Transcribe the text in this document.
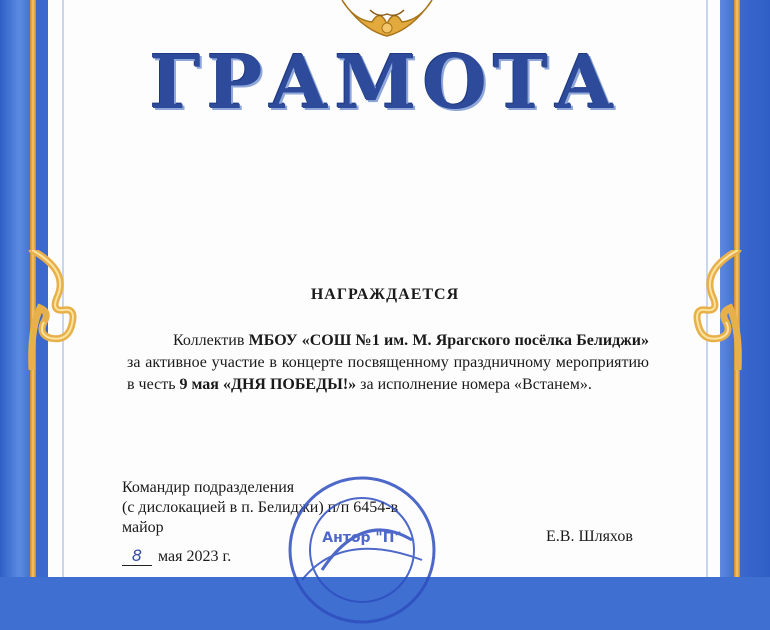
ГРАМОТА
НАГРАЖДАЕТСЯ
Коллектив МБОУ «СОШ №1 им. М. Ярагского посёлка Белиджи» за активное участие в концерте посвященному праздничному мероприятию в честь 9 мая «ДНЯ ПОБЕДЫ!» за исполнение номера «Встанем».
Командир подразделения
(с дислокацией в п. Белиджи) п/п 6454-в
майор
8 мая 2023 г.
Е.В. Шляхов
Антор "П"
